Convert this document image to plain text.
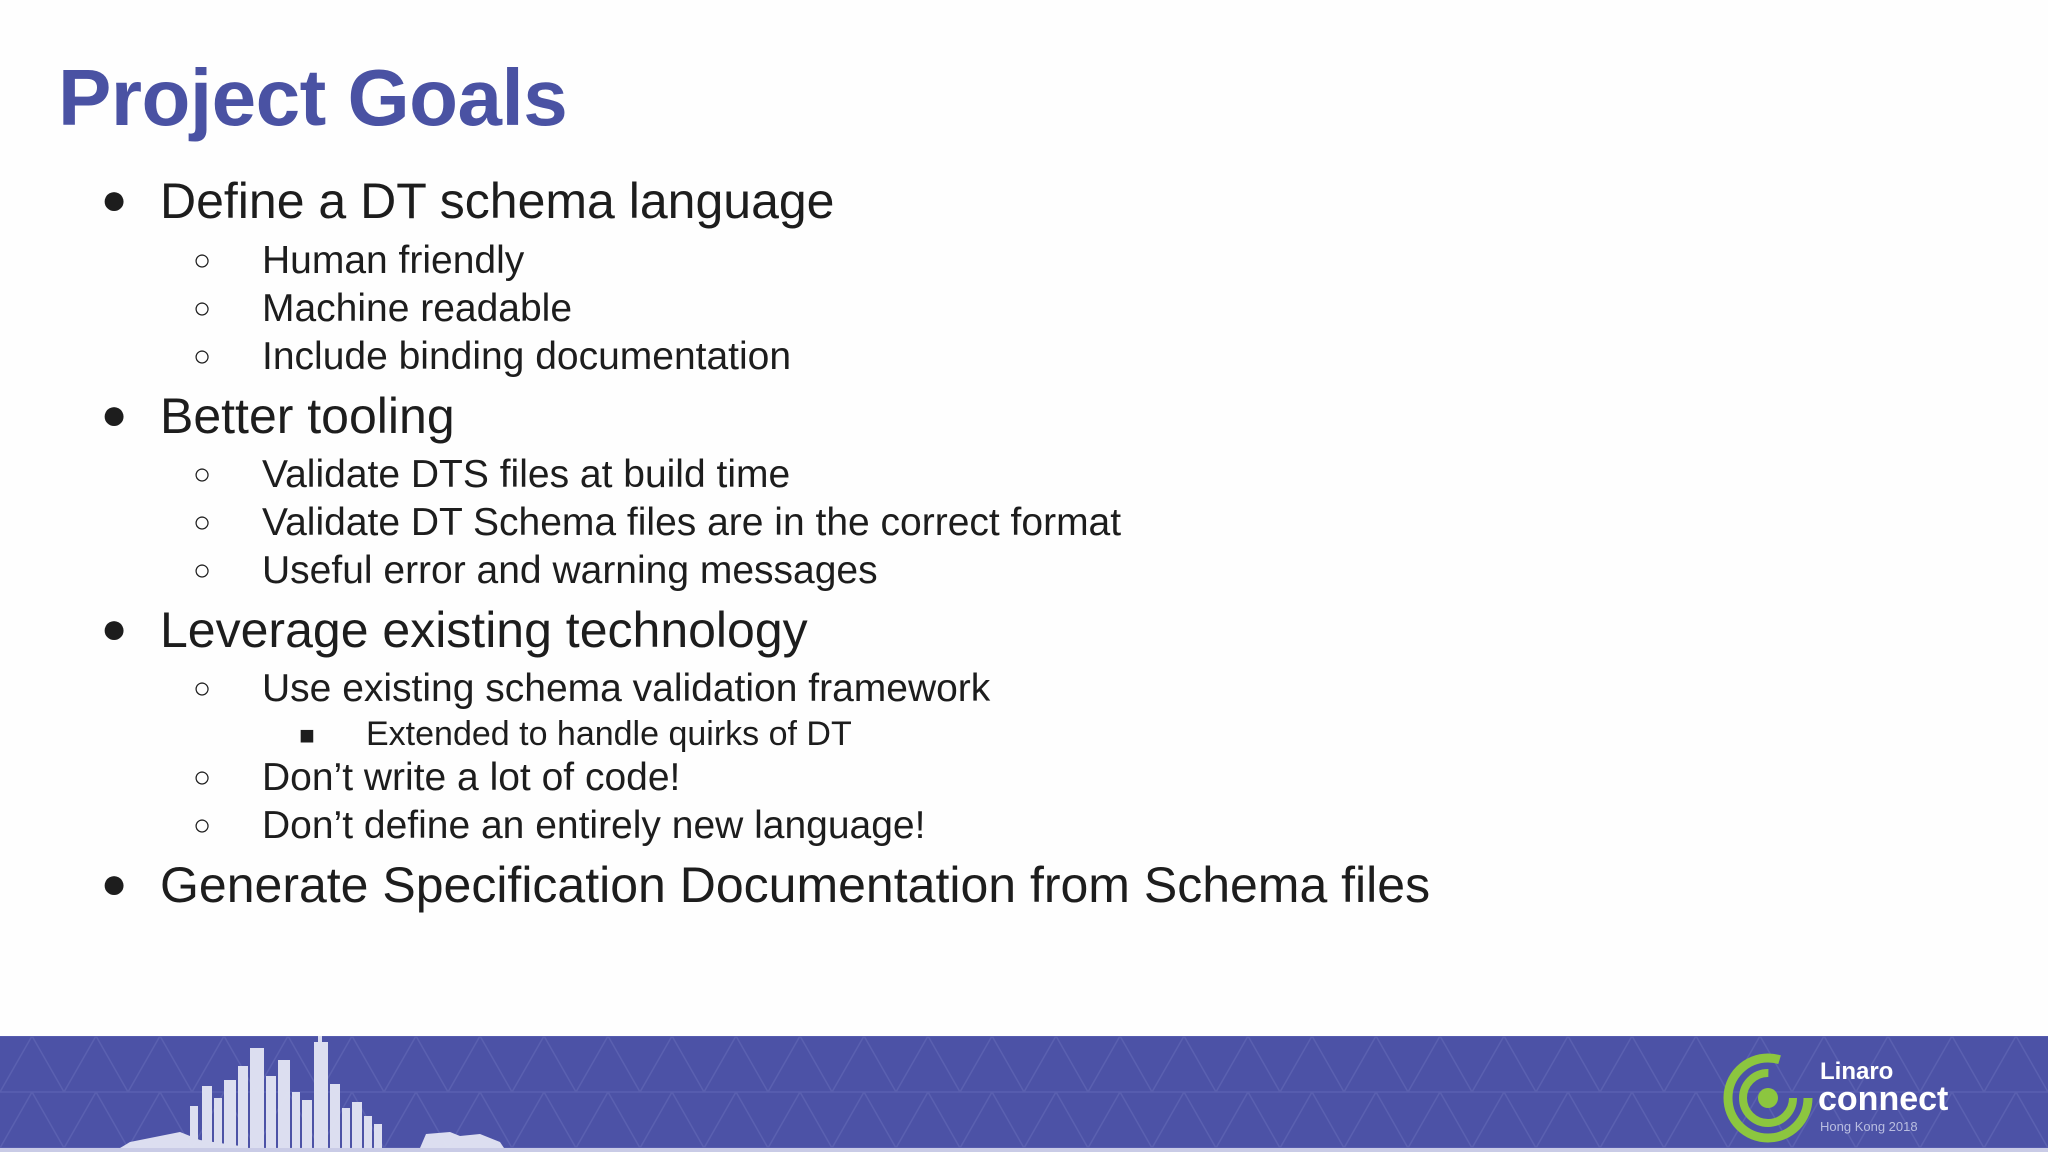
Project Goals
● Define a DT schema language
○	Human friendly
○	Machine readable
○	Include binding documentation
● Better tooling
○	Validate DTS files at build time
○	Validate DT Schema files are in the correct format
○	Useful error and warning messages
● Leverage existing technology
○	Use existing schema validation framework
■	Extended to handle quirks of DT
○	Don’t write a lot of code!
○	Don’t define an entirely new language!
● Generate Specification Documentation from Schema files
Linaro
connect
Hong Kong 2018
